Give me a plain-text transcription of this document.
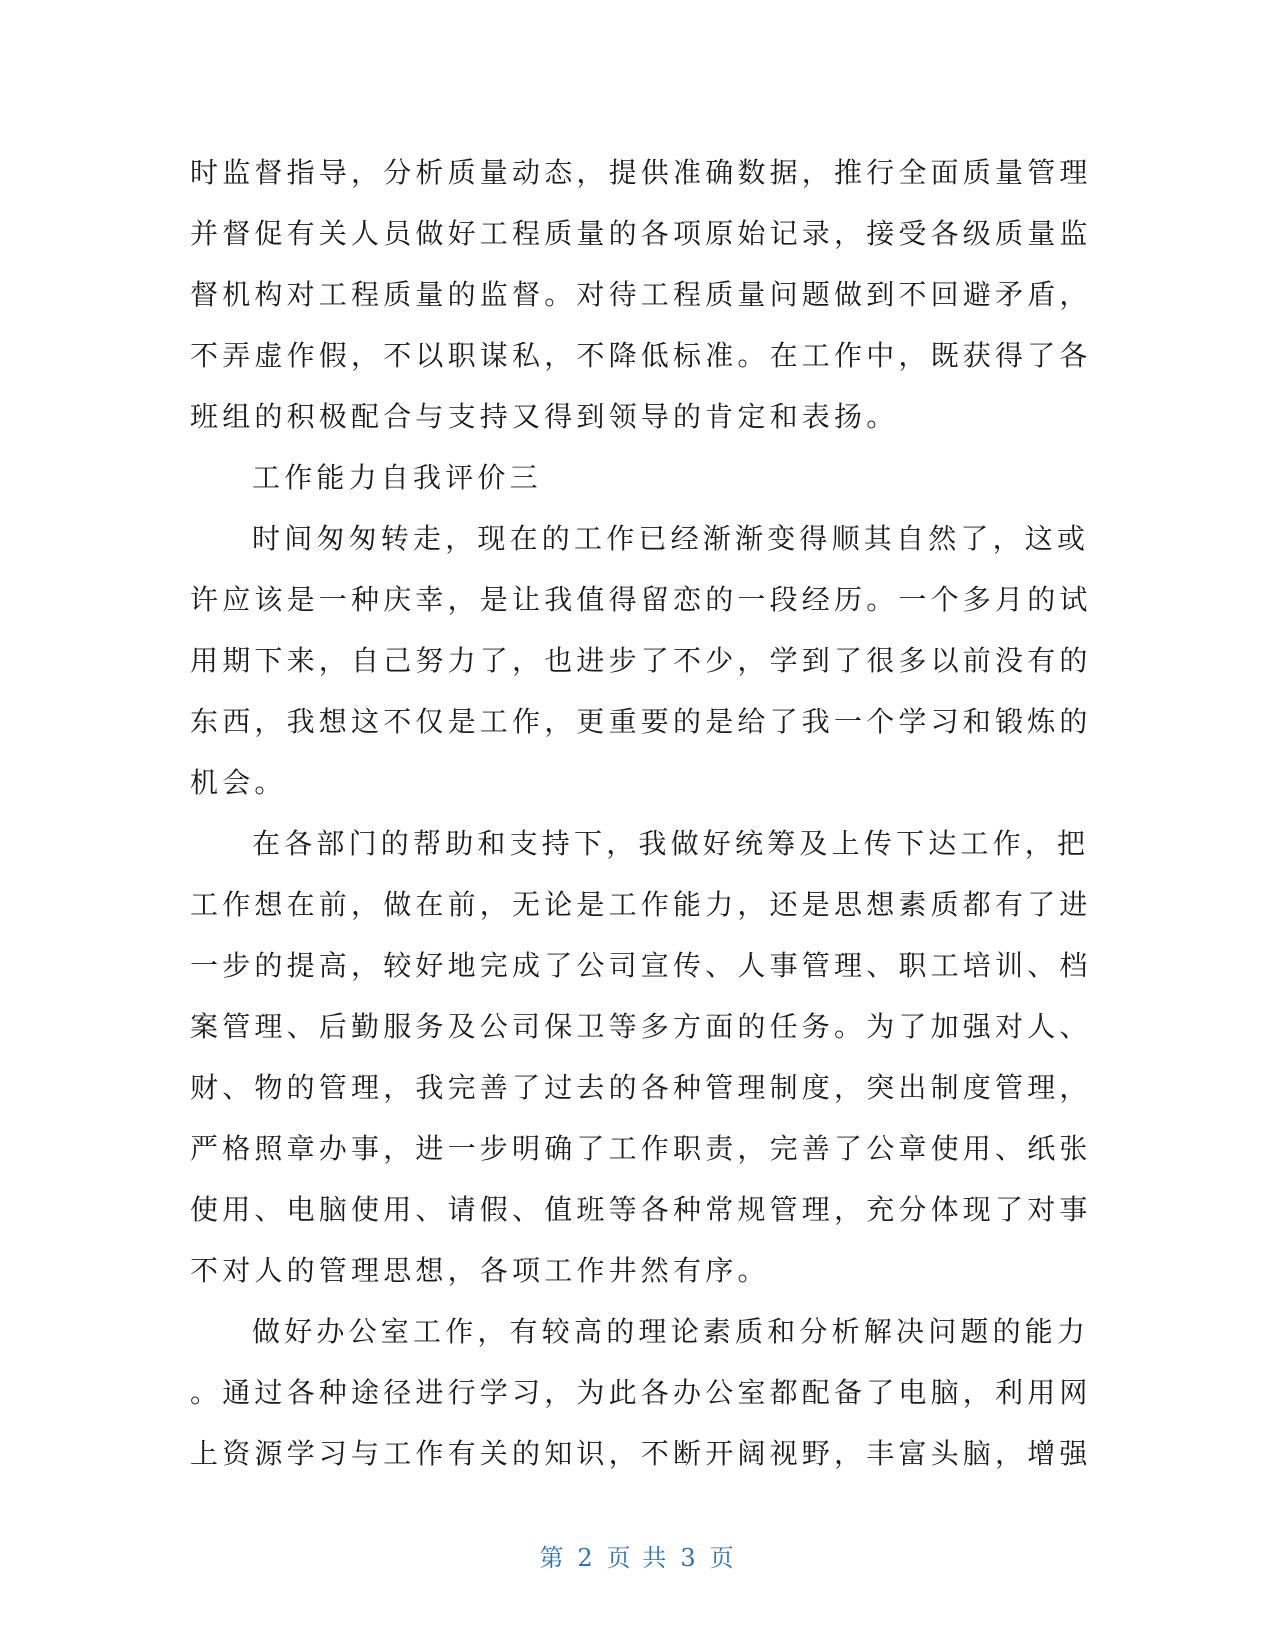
时监督指导，分析质量动态，提供准确数据，推行全面质量管理
并督促有关人员做好工程质量的各项原始记录，接受各级质量监
督机构对工程质量的监督。对待工程质量问题做到不回避矛盾，
不弄虚作假，不以职谋私，不降低标准。在工作中，既获得了各
班组的积极配合与支持又得到领导的肯定和表扬。
工作能力自我评价三
时间匆匆转走，现在的工作已经渐渐变得顺其自然了，这或
许应该是一种庆幸，是让我值得留恋的一段经历。一个多月的试
用期下来，自己努力了，也进步了不少，学到了很多以前没有的
东西，我想这不仅是工作，更重要的是给了我一个学习和锻炼的
机会。
在各部门的帮助和支持下，我做好统筹及上传下达工作，把
工作想在前，做在前，无论是工作能力，还是思想素质都有了进
一步的提高，较好地完成了公司宣传、人事管理、职工培训、档
案管理、后勤服务及公司保卫等多方面的任务。为了加强对人、
财、物的管理，我完善了过去的各种管理制度，突出制度管理，
严格照章办事，进一步明确了工作职责，完善了公章使用、纸张
使用、电脑使用、请假、值班等各种常规管理，充分体现了对事
不对人的管理思想，各项工作井然有序。
做好办公室工作，有较高的理论素质和分析解决问题的能力
。通过各种途径进行学习，为此各办公室都配备了电脑，利用网
上资源学习与工作有关的知识，不断开阔视野，丰富头脑，增强
第 2 页 共 3 页
